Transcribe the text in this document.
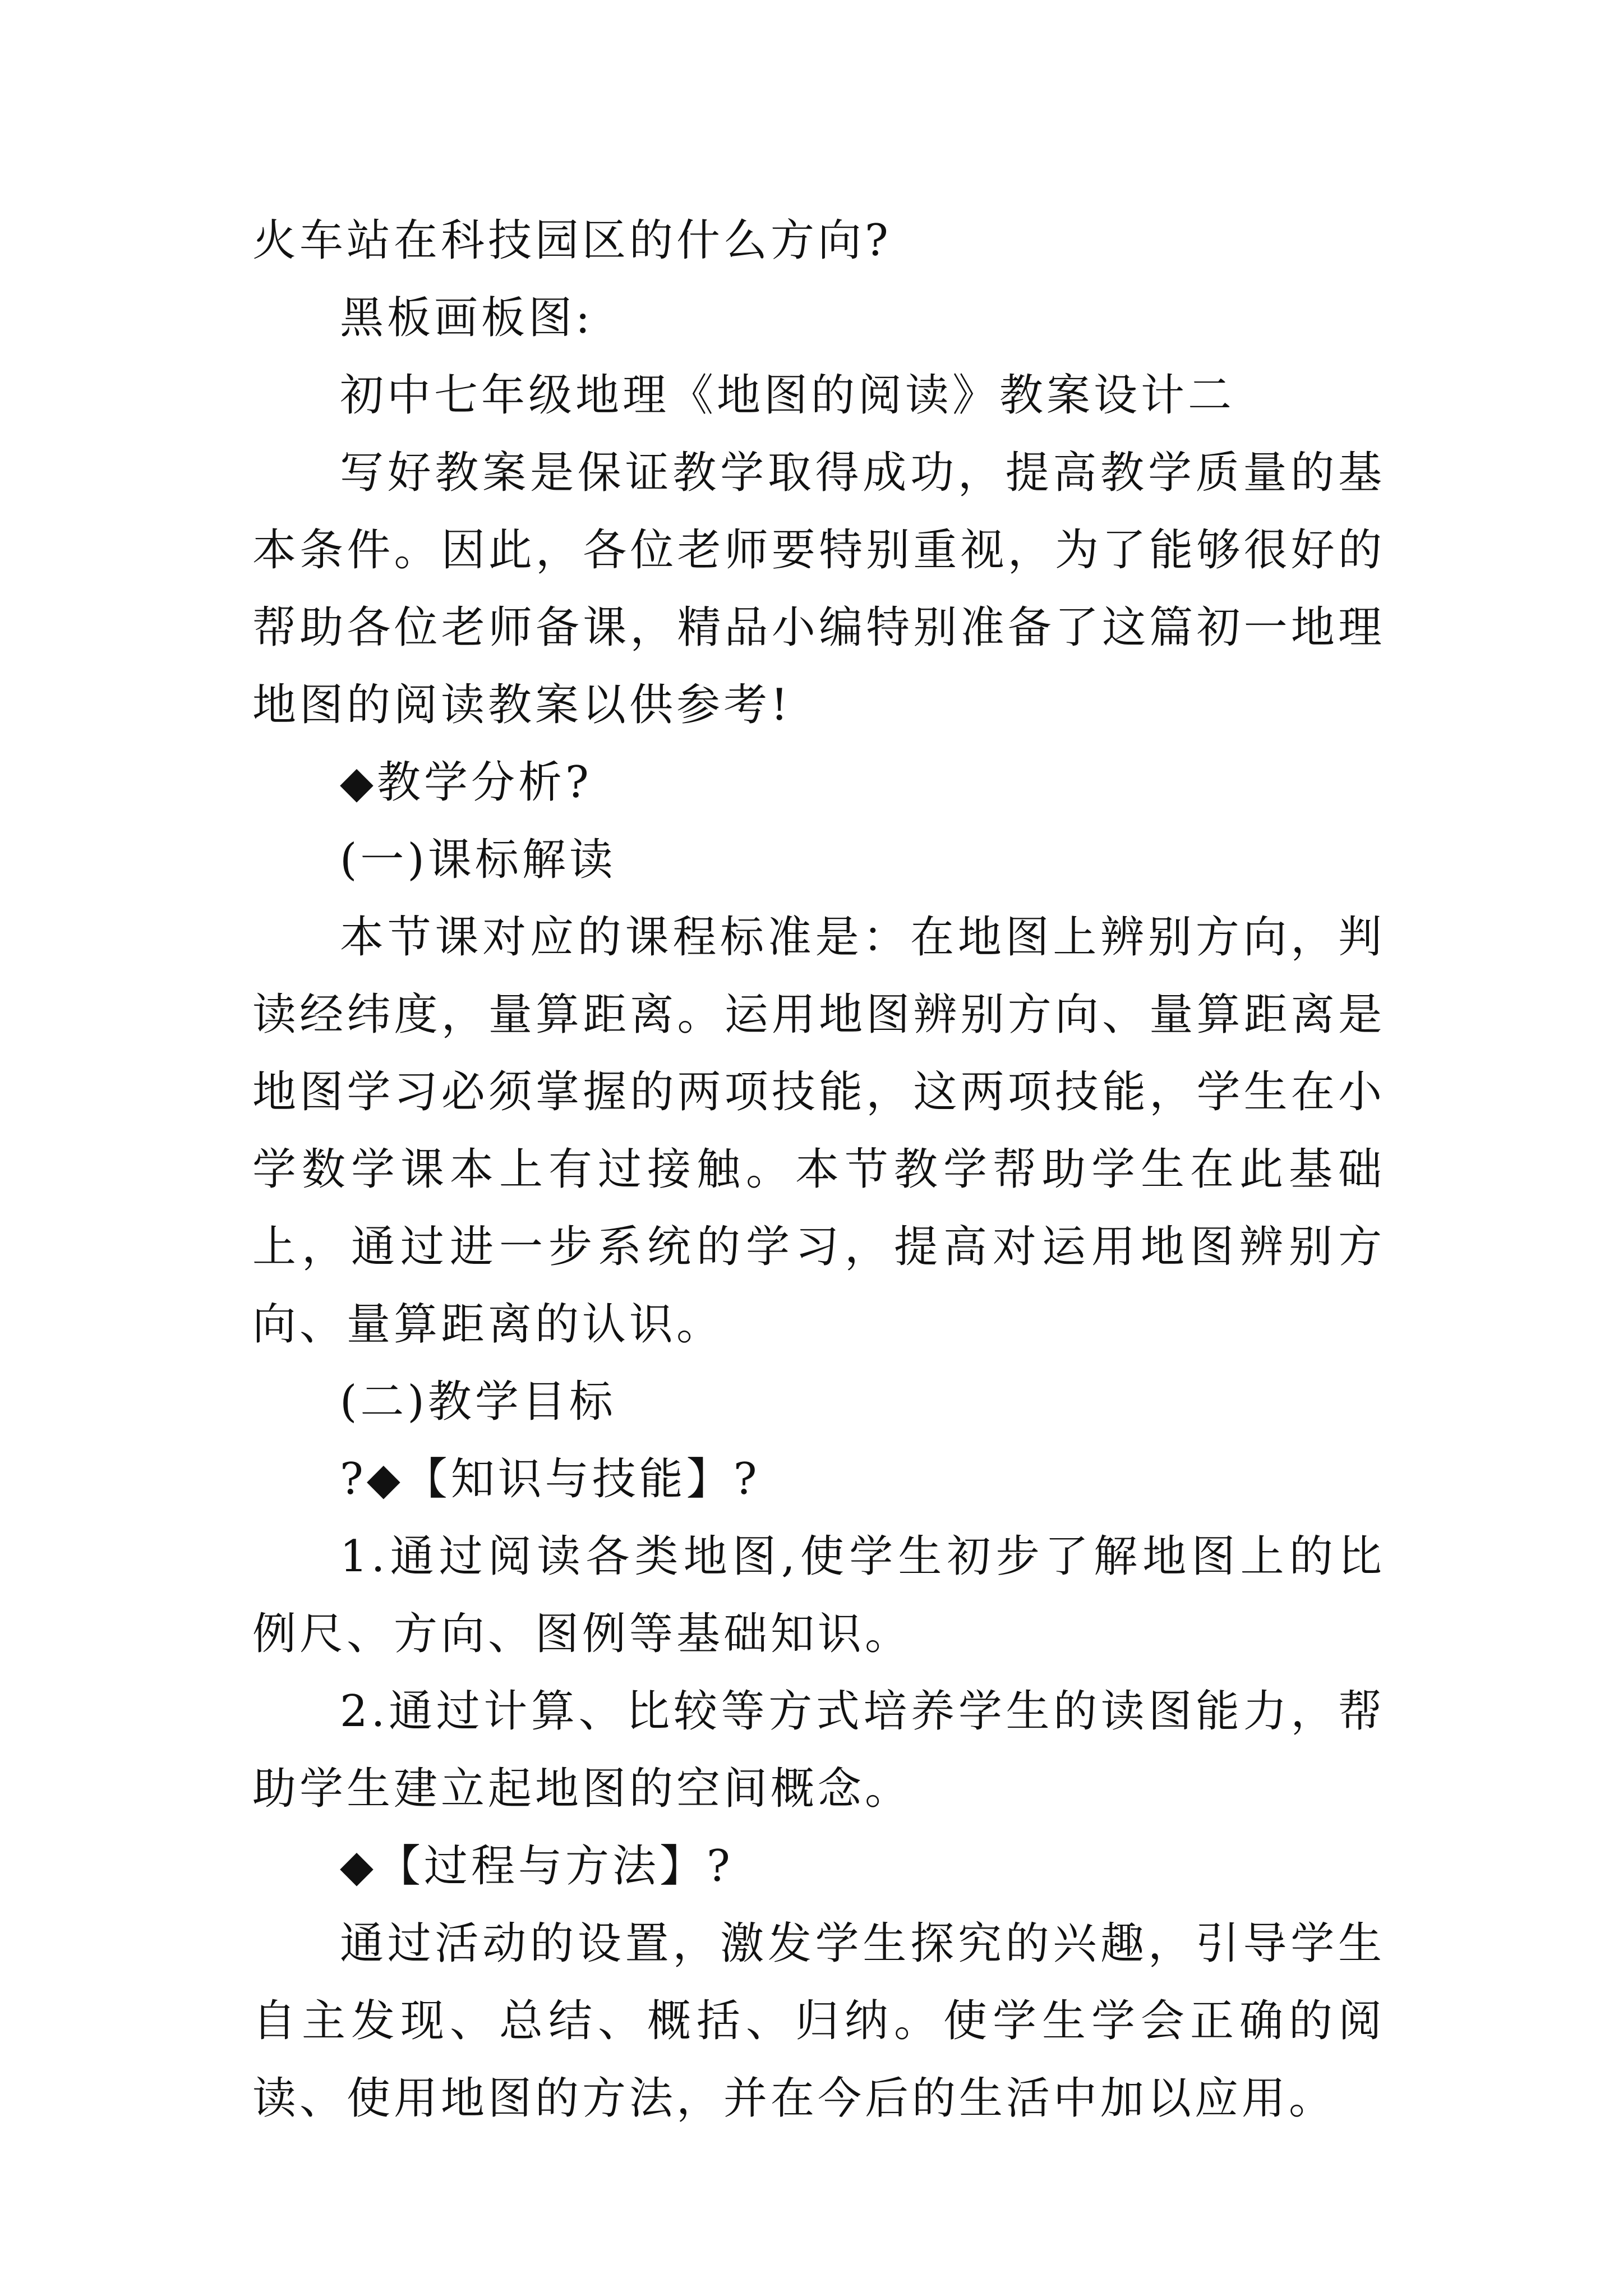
火车站在科技园区的什么方向?

黑板画板图:

初中七年级地理《地图的阅读》教案设计二

写好教案是保证教学取得成功，提高教学质量的基本条件。因此，各位老师要特别重视，为了能够很好的帮助各位老师备课，精品小编特别准备了这篇初一地理地图的阅读教案以供参考!

◆教学分析?

(一)课标解读

本节课对应的课程标准是：在地图上辨别方向，判读经纬度，量算距离。运用地图辨别方向、量算距离是地图学习必须掌握的两项技能，这两项技能，学生在小学数学课本上有过接触。本节教学帮助学生在此基础上，通过进一步系统的学习，提高对运用地图辨别方向、量算距离的认识。

(二)教学目标

?◆【知识与技能】?

1.通过阅读各类地图,使学生初步了解地图上的比例尺、方向、图例等基础知识。

2.通过计算、比较等方式培养学生的读图能力，帮助学生建立起地图的空间概念。

◆【过程与方法】?

通过活动的设置，激发学生探究的兴趣，引导学生自主发现、总结、概括、归纳。使学生学会正确的阅读、使用地图的方法，并在今后的生活中加以应用。
